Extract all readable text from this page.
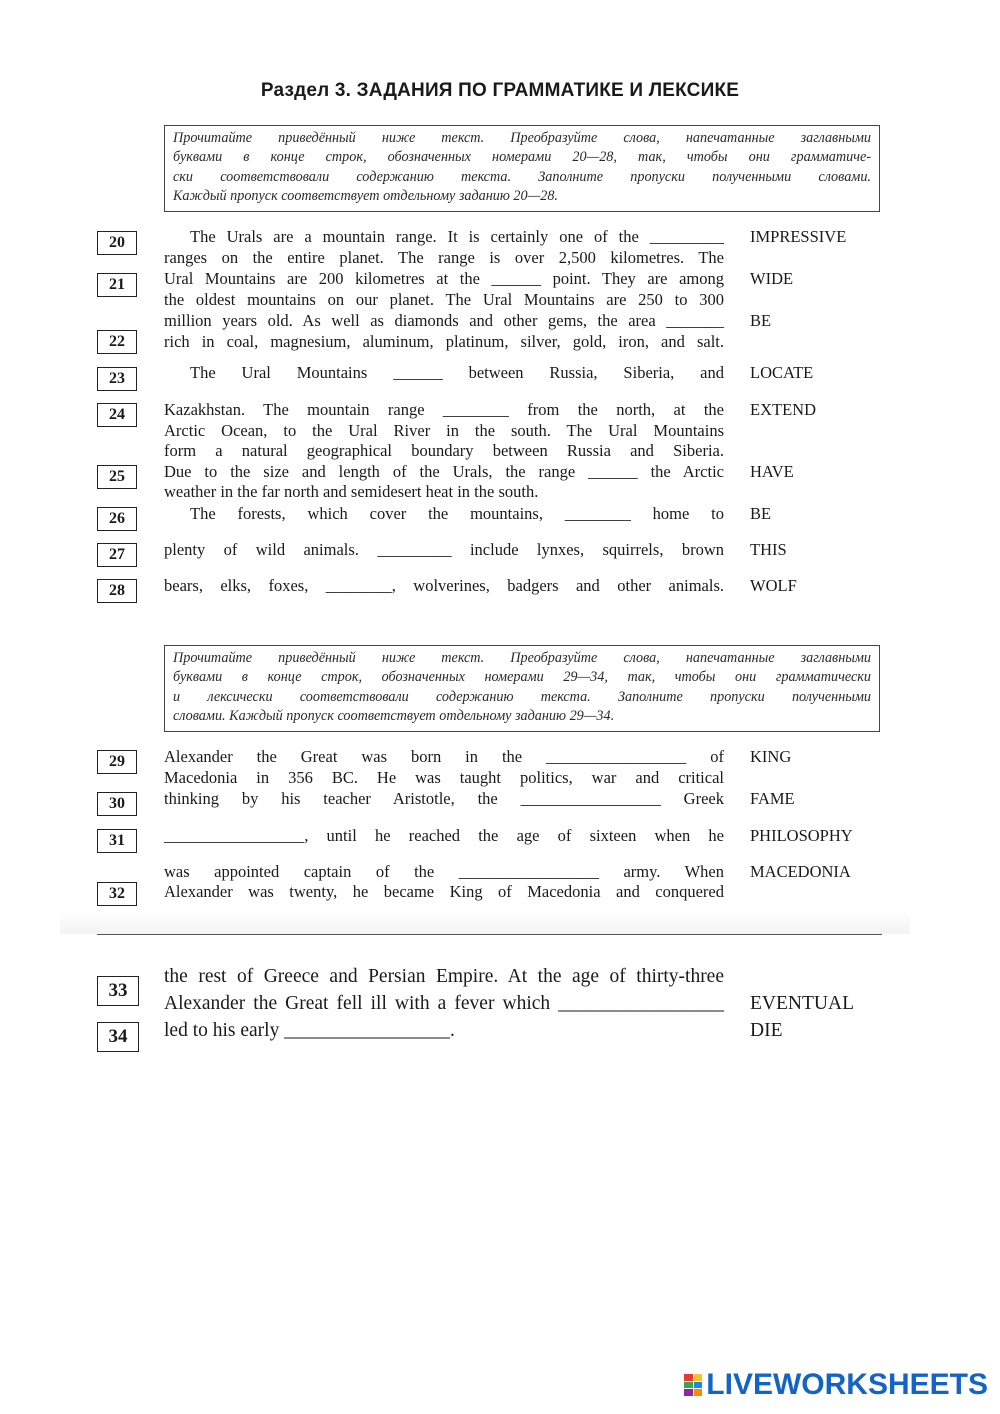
Раздел 3. ЗАДАНИЯ ПО ГРАММАТИКЕ И ЛЕКСИКЕ
Прочитайте приведённый ниже текст. Преобразуйте слова, напечатанные заглавными
буквами в конце строк, обозначенных номерами 20—28, так, чтобы они грамматиче-
ски соответствовали содержанию текста. Заполните пропуски полученными словами.
Каждый пропуск соответствует отдельному заданию 20—28.
The Urals are a mountain range. It is certainly one of the _________
ranges on the entire planet. The range is over 2,500 kilometres. The
Ural Mountains are 200 kilometres at the ______ point. They are among
the oldest mountains on our planet. The Ural Mountains are 250 to 300
million years old. As well as diamonds and other gems, the area _______
rich in coal, magnesium, aluminum, platinum, silver, gold, iron, and salt.
The Ural Mountains ______ between Russia, Siberia, and
Kazakhstan. The mountain range ________ from the north, at the
Arctic Ocean, to the Ural River in the south. The Ural Mountains
form a natural geographical boundary between Russia and Siberia.
Due to the size and length of the Urals, the range ______ the Arctic
weather in the far north and semidesert heat in the south.
The forests, which cover the mountains, ________ home to
plenty of wild animals. _________ include lynxes, squirrels, brown
bears, elks, foxes, ________, wolverines, badgers and other animals.
20
21
22
23
24
25
26
27
28
IMPRESSIVE
WIDE
BE
LOCATE
EXTEND
HAVE
BE
THIS
WOLF
Прочитайте приведённый ниже текст. Преобразуйте слова, напечатанные заглавными
буквами в конце строк, обозначенных номерами 29—34, так, чтобы они грамматически
и лексически соответствовали содержанию текста. Заполните пропуски полученными
словами. Каждый пропуск соответствует отдельному заданию 29—34.
Alexander the Great was born in the _________________ of
Macedonia in 356 BC. He was taught politics, war and critical
thinking by his teacher Aristotle, the _________________ Greek
_________________, until he reached the age of sixteen when he
was appointed captain of the _________________ army. When
Alexander was twenty, he became King of Macedonia and conquered
29
30
31
32
KING
FAME
PHILOSOPHY
MACEDONIA
the rest of Greece and Persian Empire. At the age of thirty-three
Alexander the Great fell ill with a fever which _________________
led to his early _________________.
33
34
EVENTUAL
DIE
LIVEWORKSHEETS
